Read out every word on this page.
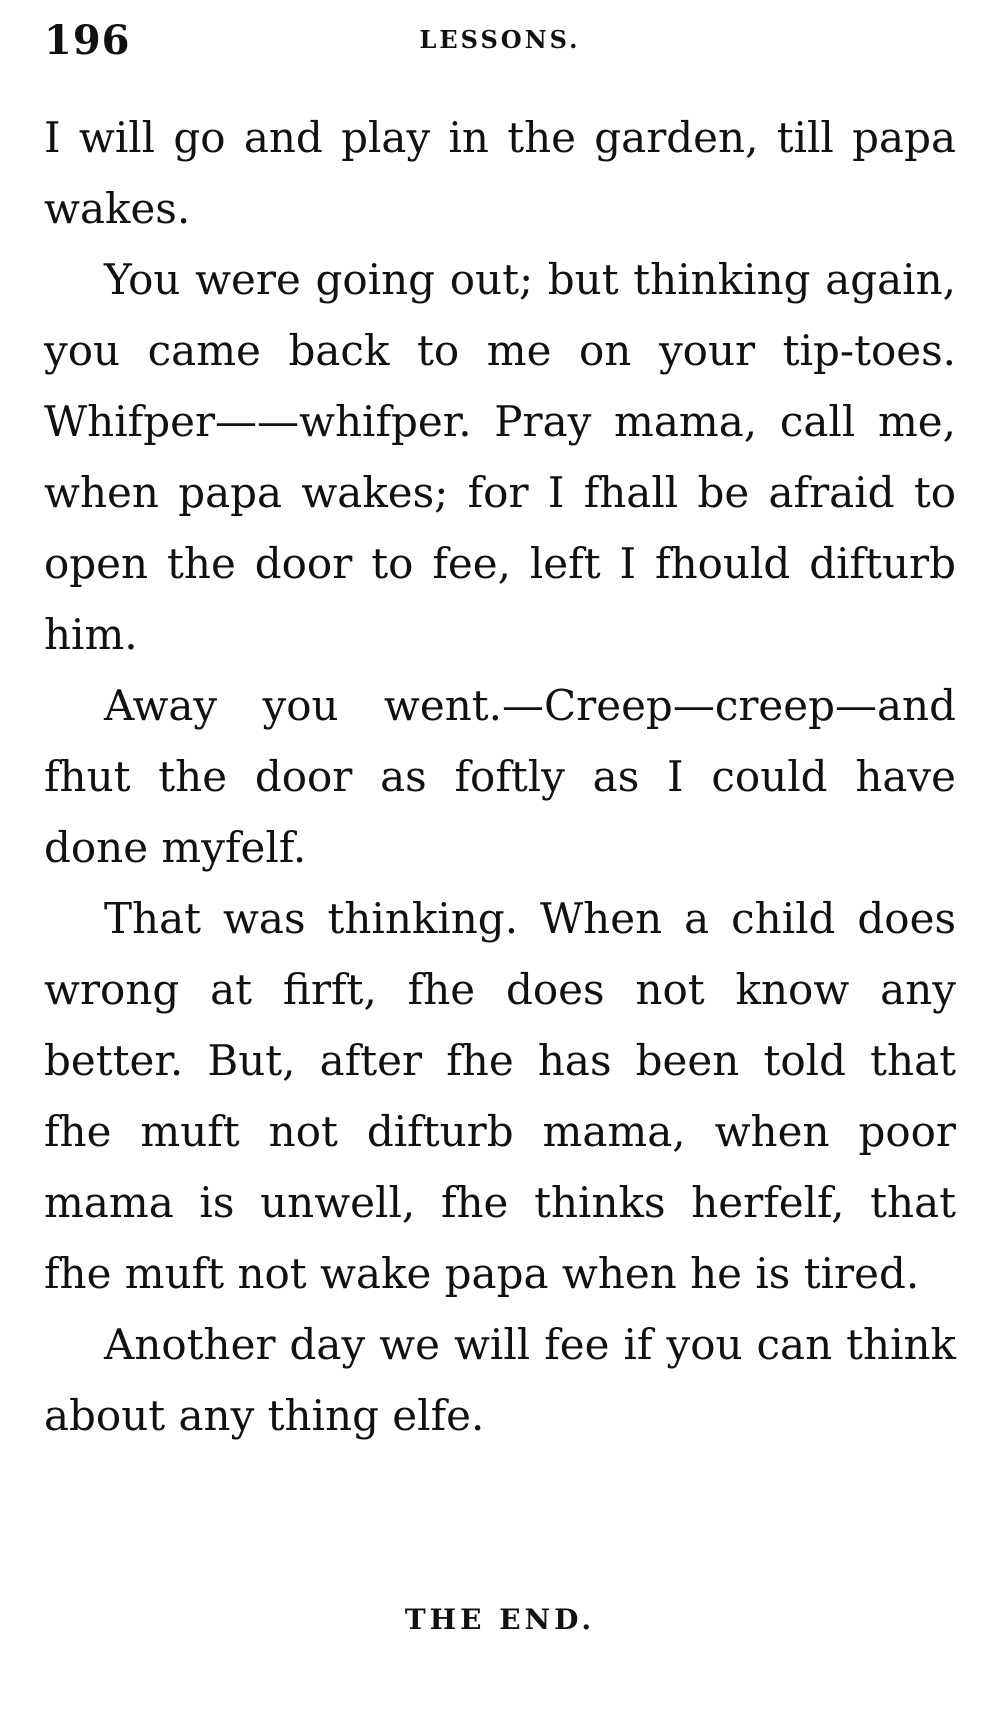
196	LESSONS.

I will go and play in the garden, till papa wakes.

You were going out; but thinking again, you came back to me on your tip-toes. Whifper——whifper. Pray mama, call me, when papa wakes; for I fhall be afraid to open the door to fee, left I fhould difturb him.

Away you went.—Creep—creep—and fhut the door as foftly as I could have done myfelf.

That was thinking. When a child does wrong at firft, fhe does not know any better. But, after fhe has been told that fhe muft not difturb mama, when poor mama is unwell, fhe thinks herfelf, that fhe muft not wake papa when he is tired.

Another day we will fee if you can think about any thing elfe.

THE END.
